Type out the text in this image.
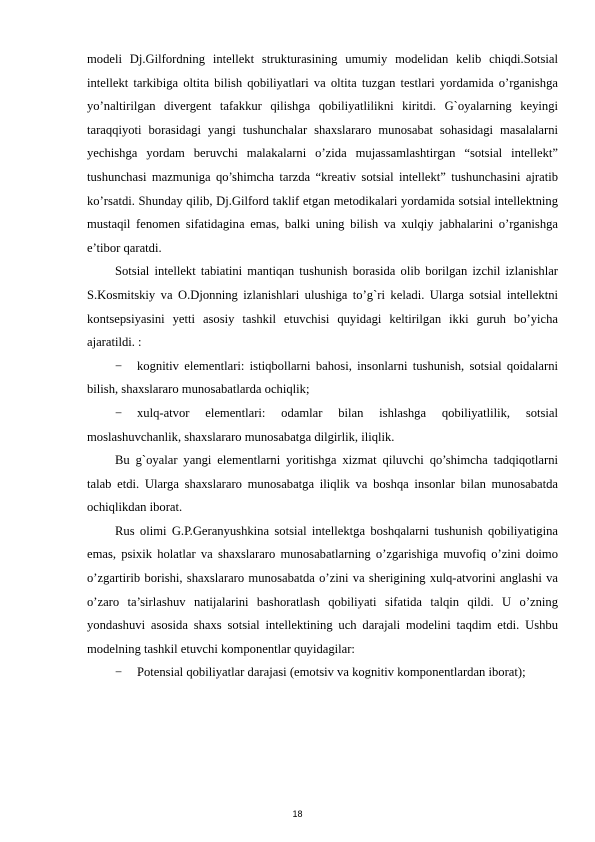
modeli Dj.Gilfordning intellekt strukturasining umumiy modelidan kelib chiqdi.Sotsial intellekt tarkibiga oltita bilish qobiliyatlari va oltita tuzgan testlari yordamida o’rganishga yo’naltirilgan divergent tafakkur qilishga qobiliyatlilikni kiritdi. G`oyalarning keyingi taraqqiyoti borasidagi yangi tushunchalar shaxslararo munosabat sohasidagi masalalarni yechishga yordam beruvchi malakalarni o’zida mujassamlashtirgan “sotsial intellekt” tushunchasi mazmuniga qo’shimcha tarzda “kreativ sotsial intellekt” tushunchasini ajratib ko’rsatdi. Shunday qilib, Dj.Gilford taklif etgan metodikalari yordamida sotsial intellektning mustaqil fenomen sifatidagina emas, balki uning bilish va xulqiy jabhalarini o’rganishga e’tibor qaratdi.

Sotsial intellekt tabiatini mantiqan tushunish borasida olib borilgan izchil izlanishlar S.Kosmitskiy va O.Djonning izlanishlari ulushiga to’g`ri keladi. Ularga sotsial intellektni kontsepsiyasini yetti asosiy tashkil etuvchisi quyidagi keltirilgan ikki guruh bo’yicha ajaratildi. :

− kognitiv elementlari: istiqbollarni bahosi, insonlarni tushunish, sotsial qoidalarni bilish, shaxslararo munosabatlarda ochiqlik;

− xulq-atvor elementlari: odamlar bilan ishlashga qobiliyatlilik, sotsial moslashuvchanlik, shaxslararo munosabatga dilgirlik, iliqlik.

Bu g`oyalar yangi elementlarni yoritishga xizmat qiluvchi qo’shimcha tadqiqotlarni talab etdi. Ularga shaxslararo munosabatga iliqlik va boshqa insonlar bilan munosabatda ochiqlikdan iborat.

Rus olimi G.P.Geranyushkina sotsial intellektga boshqalarni tushunish qobiliyatigina emas, psixik holatlar va shaxslararo munosabatlarning o’zgarishiga muvofiq o’zini doimo o’zgartirib borishi, shaxslararo munosabatda o’zini va sherigining xulq-atvorini anglashi va o’zaro ta’sirlashuv natijalarini bashoratlash qobiliyati sifatida talqin qildi. U o’zning yondashuvi asosida shaxs sotsial intellektining uch darajali modelini taqdim etdi. Ushbu modelning tashkil etuvchi komponentlar quyidagilar:

− Potensial qobiliyatlar darajasi (emotsiv va kognitiv komponentlardan iborat);

18
